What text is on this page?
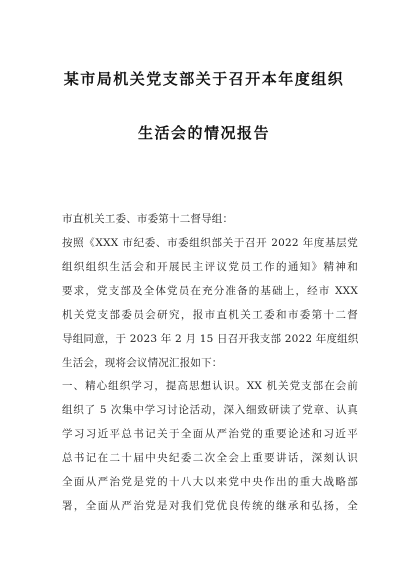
某市局机关党支部关于召开本年度组织
生活会的情况报告
市直机关工委、市委第十二督导组：
按照《XXX 市纪委、市委组织部关于召开 2022 年度基层党
组织组织生活会和开展民主评议党员工作的通知》精神和
要求，党支部及全体党员在充分准备的基础上，经市 XXX
机关党支部委员会研究，报市直机关工委和市委第十二督
导组同意，于 2023 年 2 月 15 日召开我支部 2022 年度组织
生活会，现将会议情况汇报如下：
一、精心组织学习，提高思想认识。XX 机关党支部在会前
组织了 5 次集中学习讨论活动，深入细致研读了党章、认真
学习习近平总书记关于全面从严治党的重要论述和习近平
总书记在二十届中央纪委二次全会上重要讲话，深刻认识
全面从严治党是党的十八大以来党中央作出的重大战略部
署，全面从严治党是对我们党优良传统的继承和弘扬，全
